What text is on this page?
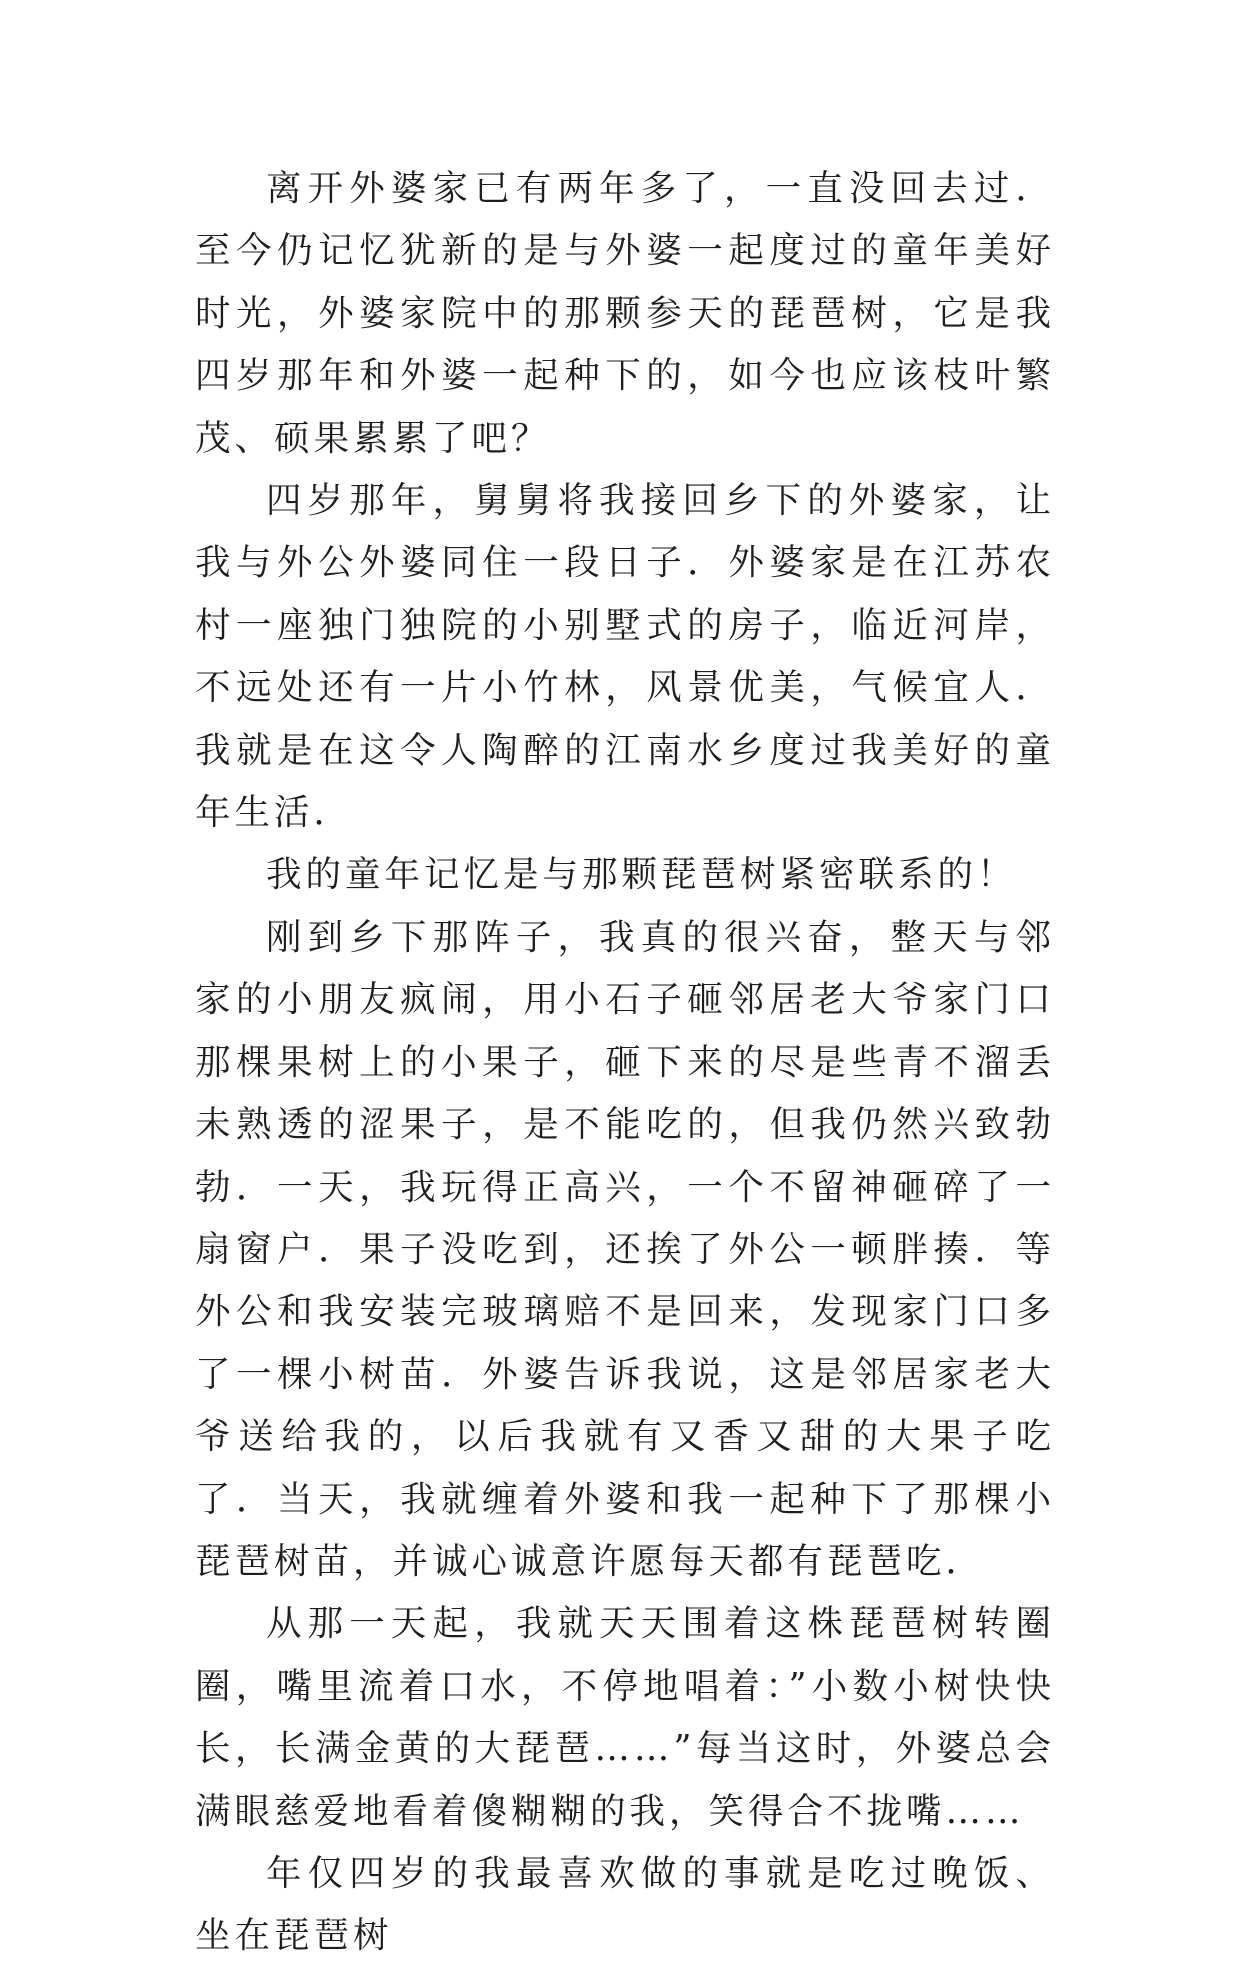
离开外婆家已有两年多了，一直没回去过．至今仍记忆犹新的是与外婆一起度过的童年美好时光，外婆家院中的那颗参天的琵琶树，它是我四岁那年和外婆一起种下的，如今也应该枝叶繁茂、硕果累累了吧？

四岁那年，舅舅将我接回乡下的外婆家，让我与外公外婆同住一段日子．外婆家是在江苏农村一座独门独院的小别墅式的房子，临近河岸，不远处还有一片小竹林，风景优美，气候宜人．我就是在这令人陶醉的江南水乡度过我美好的童年生活．

我的童年记忆是与那颗琵琶树紧密联系的！

刚到乡下那阵子，我真的很兴奋，整天与邻家的小朋友疯闹，用小石子砸邻居老大爷家门口那棵果树上的小果子，砸下来的尽是些青不溜丢未熟透的涩果子，是不能吃的，但我仍然兴致勃勃．一天，我玩得正高兴，一个不留神砸碎了一扇窗户．果子没吃到，还挨了外公一顿胖揍．等外公和我安装完玻璃赔不是回来，发现家门口多了一棵小树苗．外婆告诉我说，这是邻居家老大爷送给我的，以后我就有又香又甜的大果子吃了．当天，我就缠着外婆和我一起种下了那棵小琵琶树苗，并诚心诚意许愿每天都有琵琶吃．

从那一天起，我就天天围着这株琵琶树转圈圈，嘴里流着口水，不停地唱着：”小数小树快快长，长满金黄的大琵琶……”每当这时，外婆总会满眼慈爱地看着傻糊糊的我，笑得合不拢嘴……

年仅四岁的我最喜欢做的事就是吃过晚饭、坐在琵琶树
